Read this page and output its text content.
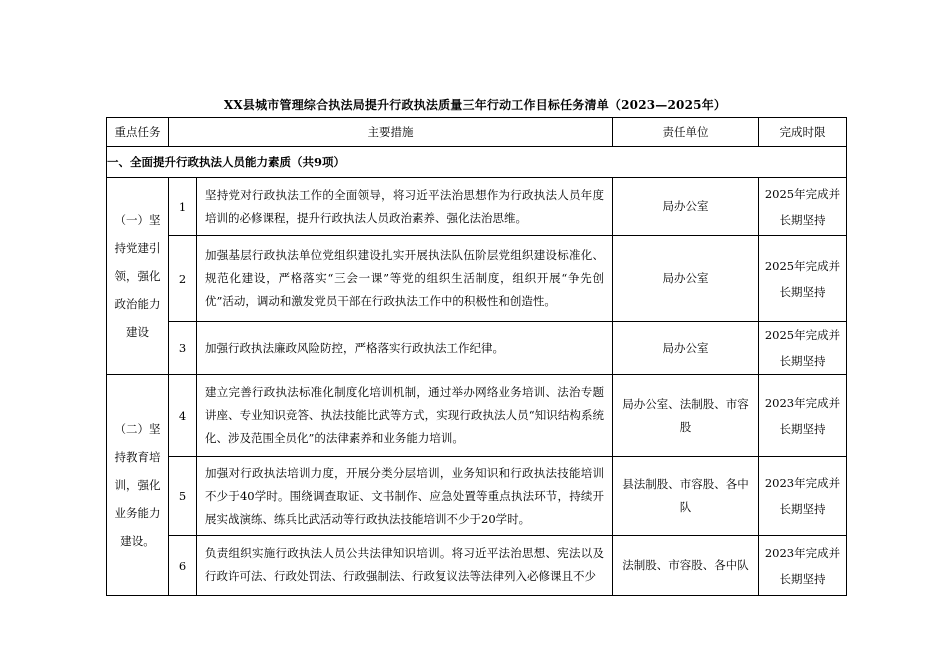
XX县城市管理综合执法局提升行政执法质量三年行动工作目标任务清单（2023—2025年）
重点任务	主要措施		责任单位	完成时限
一、全面提升行政执法人员能力素质（共9项）				
（一）坚持党建引领，强化政治能力建设	1	坚持党对行政执法工作的全面领导，将习近平法治思想作为行政执法人员年度培训的必修课程，提升行政执法人员政治素养、强化法治思维。	局办公室	2025年完成并长期坚持
	2	加强基层行政执法单位党组织建设扎实开展执法队伍阶层党组织建设标准化、规范化建设，严格落实“三会一课”等党的组织生活制度，组织开展“争先创优”活动，调动和激发党员干部在行政执法工作中的积极性和创造性。	局办公室	2025年完成并长期坚持
	3	加强行政执法廉政风险防控，严格落实行政执法工作纪律。	局办公室	2025年完成并长期坚持
（二）坚持教育培训，强化业务能力建设。	4	建立完善行政执法标准化制度化培训机制，通过举办网络业务培训、法治专题讲座、专业知识竞答、执法技能比武等方式，实现行政执法人员“知识结构系统化、涉及范围全员化”的法律素养和业务能力培训。	局办公室、法制股、市容股	2023年完成并长期坚持
	5	加强对行政执法培训力度，开展分类分层培训，业务知识和行政执法技能培训不少于40学时。围绕调查取证、文书制作、应急处置等重点执法环节，持续开展实战演练、练兵比武活动等行政执法技能培训不少于20学时。	县法制股、市容股、各中队	2023年完成并长期坚持
	6	负责组织实施行政执法人员公共法律知识培训。将习近平法治思想、宪法以及行政许可法、行政处罚法、行政强制法、行政复议法等法律列入必修课且不少	法制股、市容股、各中队	2023年完成并长期坚持
